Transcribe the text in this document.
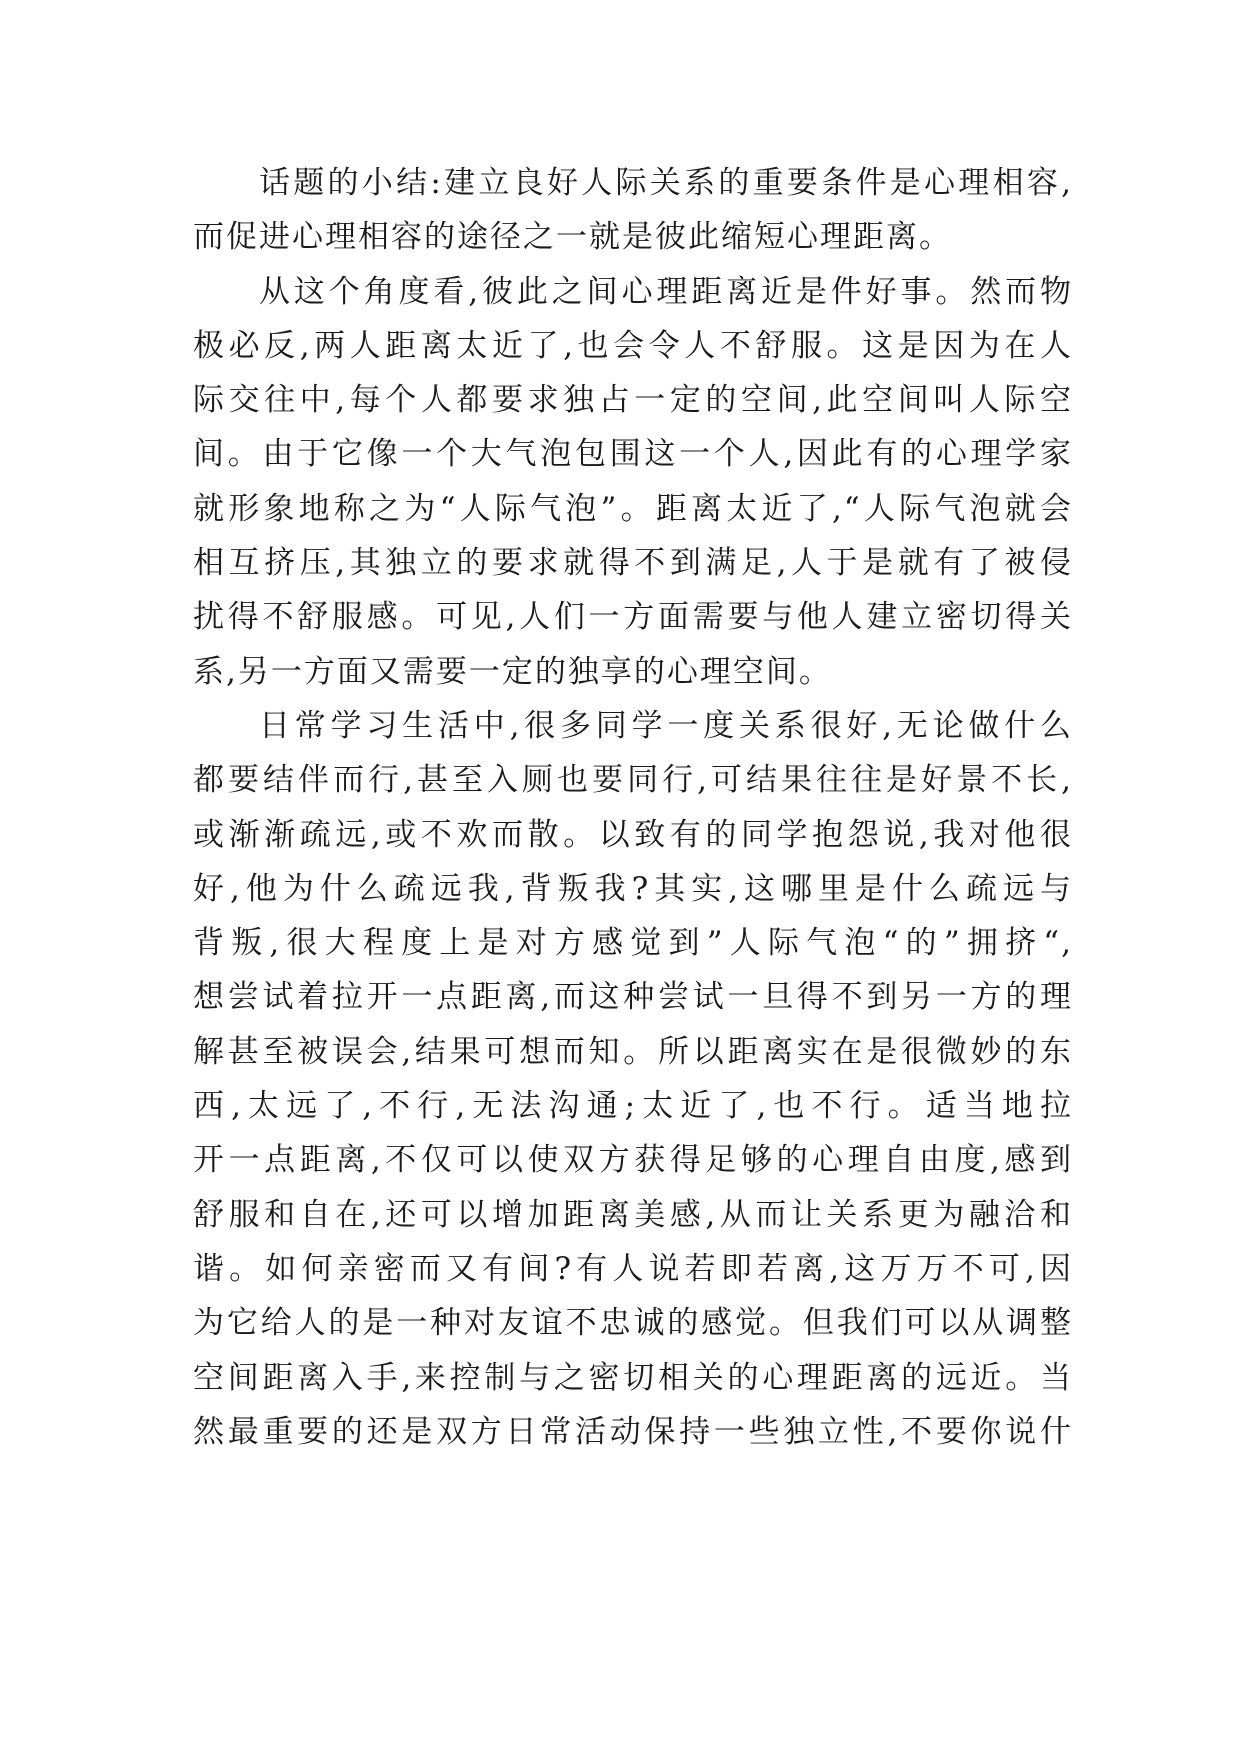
话题的小结:建立良好人际关系的重要条件是心理相容,
而促进心理相容的途径之一就是彼此缩短心理距离。
从这个角度看,彼此之间心理距离近是件好事。然而物
极必反,两人距离太近了,也会令人不舒服。这是因为在人
际交往中,每个人都要求独占一定的空间,此空间叫人际空
间。由于它像一个大气泡包围这一个人,因此有的心理学家
就形象地称之为“人际气泡”。距离太近了,“人际气泡就会
相互挤压,其独立的要求就得不到满足,人于是就有了被侵
扰得不舒服感。可见,人们一方面需要与他人建立密切得关
系,另一方面又需要一定的独享的心理空间。
日常学习生活中,很多同学一度关系很好,无论做什么
都要结伴而行,甚至入厕也要同行,可结果往往是好景不长,
或渐渐疏远,或不欢而散。以致有的同学抱怨说,我对他很
好,他为什么疏远我,背叛我?其实,这哪里是什么疏远与
背叛,很大程度上是对方感觉到”人际气泡“的”拥挤“,
想尝试着拉开一点距离,而这种尝试一旦得不到另一方的理
解甚至被误会,结果可想而知。所以距离实在是很微妙的东
西,太远了,不行,无法沟通;太近了,也不行。适当地拉
开一点距离,不仅可以使双方获得足够的心理自由度,感到
舒服和自在,还可以增加距离美感,从而让关系更为融洽和
谐。如何亲密而又有间?有人说若即若离,这万万不可,因
为它给人的是一种对友谊不忠诚的感觉。但我们可以从调整
空间距离入手,来控制与之密切相关的心理距离的远近。当
然最重要的还是双方日常活动保持一些独立性,不要你说什
